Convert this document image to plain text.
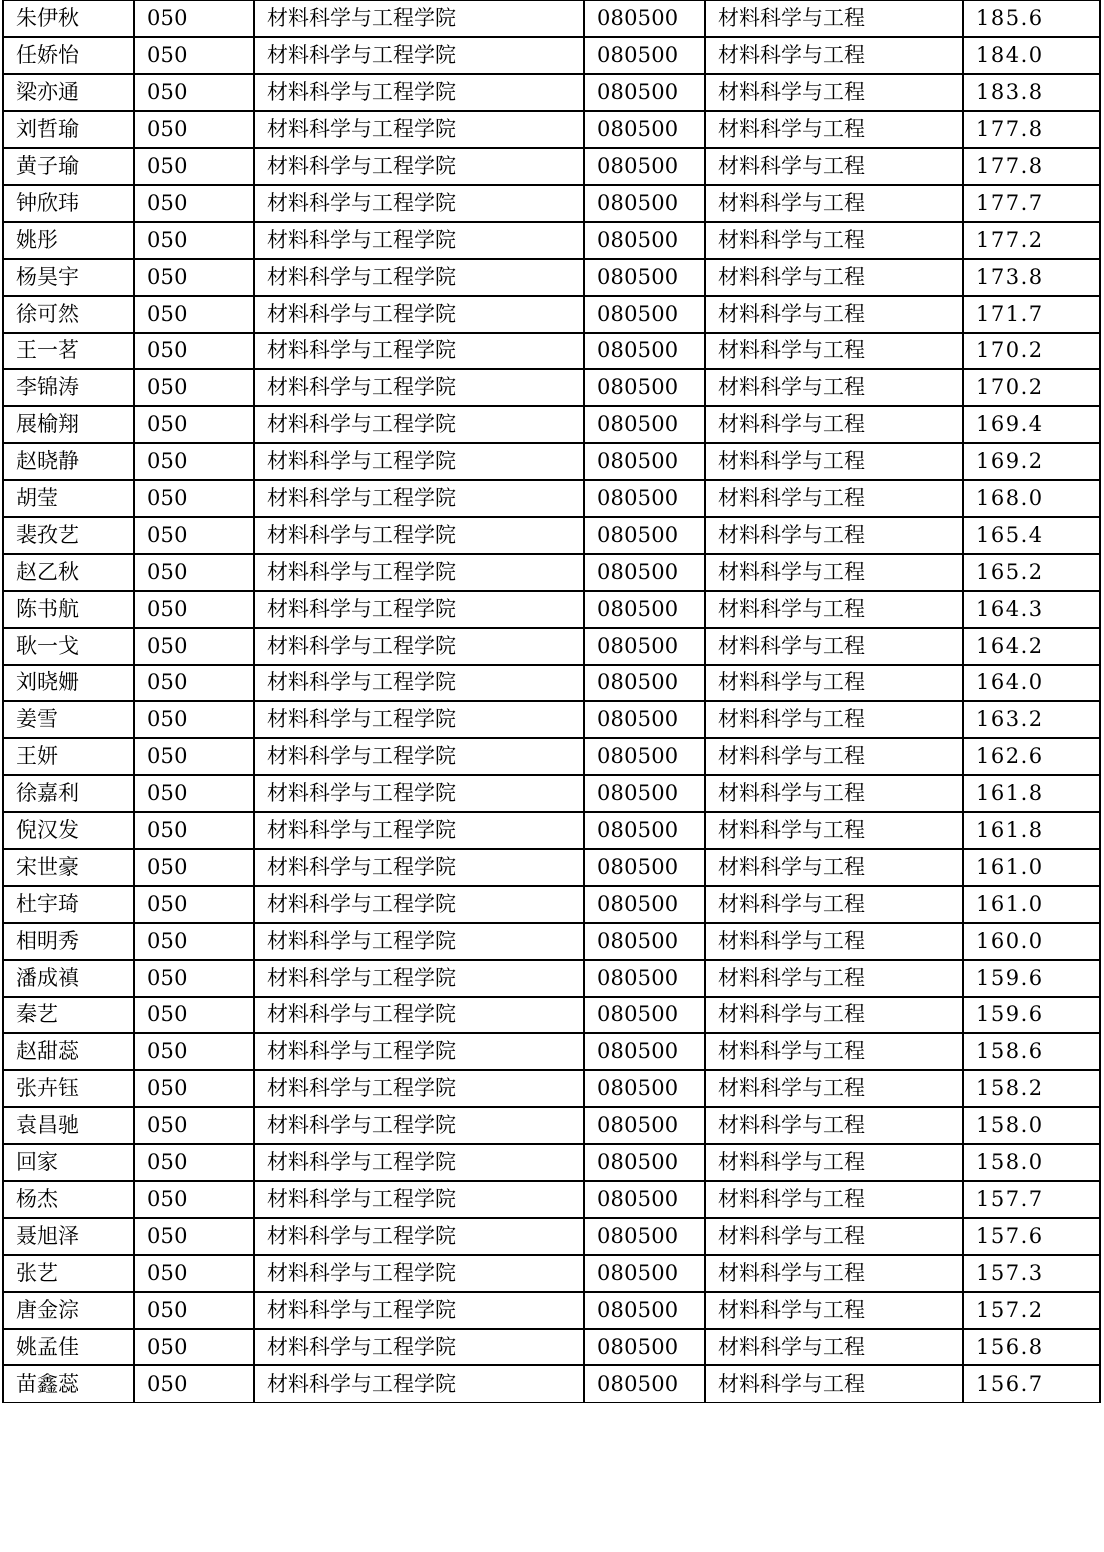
朱伊秋	050	材料科学与工程学院	080500	材料科学与工程	185.6
任娇怡	050	材料科学与工程学院	080500	材料科学与工程	184.0
梁亦通	050	材料科学与工程学院	080500	材料科学与工程	183.8
刘哲瑜	050	材料科学与工程学院	080500	材料科学与工程	177.8
黄子瑜	050	材料科学与工程学院	080500	材料科学与工程	177.8
钟欣玮	050	材料科学与工程学院	080500	材料科学与工程	177.7
姚彤	050	材料科学与工程学院	080500	材料科学与工程	177.2
杨昊宇	050	材料科学与工程学院	080500	材料科学与工程	173.8
徐可然	050	材料科学与工程学院	080500	材料科学与工程	171.7
王一茗	050	材料科学与工程学院	080500	材料科学与工程	170.2
李锦涛	050	材料科学与工程学院	080500	材料科学与工程	170.2
展榆翔	050	材料科学与工程学院	080500	材料科学与工程	169.4
赵晓静	050	材料科学与工程学院	080500	材料科学与工程	169.2
胡莹	050	材料科学与工程学院	080500	材料科学与工程	168.0
裴孜艺	050	材料科学与工程学院	080500	材料科学与工程	165.4
赵乙秋	050	材料科学与工程学院	080500	材料科学与工程	165.2
陈书航	050	材料科学与工程学院	080500	材料科学与工程	164.3
耿一戈	050	材料科学与工程学院	080500	材料科学与工程	164.2
刘晓姗	050	材料科学与工程学院	080500	材料科学与工程	164.0
姜雪	050	材料科学与工程学院	080500	材料科学与工程	163.2
王妍	050	材料科学与工程学院	080500	材料科学与工程	162.6
徐嘉利	050	材料科学与工程学院	080500	材料科学与工程	161.8
倪汉发	050	材料科学与工程学院	080500	材料科学与工程	161.8
宋世豪	050	材料科学与工程学院	080500	材料科学与工程	161.0
杜宇琦	050	材料科学与工程学院	080500	材料科学与工程	161.0
相明秀	050	材料科学与工程学院	080500	材料科学与工程	160.0
潘成禛	050	材料科学与工程学院	080500	材料科学与工程	159.6
秦艺	050	材料科学与工程学院	080500	材料科学与工程	159.6
赵甜蕊	050	材料科学与工程学院	080500	材料科学与工程	158.6
张卉钰	050	材料科学与工程学院	080500	材料科学与工程	158.2
袁昌驰	050	材料科学与工程学院	080500	材料科学与工程	158.0
回家	050	材料科学与工程学院	080500	材料科学与工程	158.0
杨杰	050	材料科学与工程学院	080500	材料科学与工程	157.7
聂旭泽	050	材料科学与工程学院	080500	材料科学与工程	157.6
张艺	050	材料科学与工程学院	080500	材料科学与工程	157.3
唐金淙	050	材料科学与工程学院	080500	材料科学与工程	157.2
姚孟佳	050	材料科学与工程学院	080500	材料科学与工程	156.8
苗鑫蕊	050	材料科学与工程学院	080500	材料科学与工程	156.7
